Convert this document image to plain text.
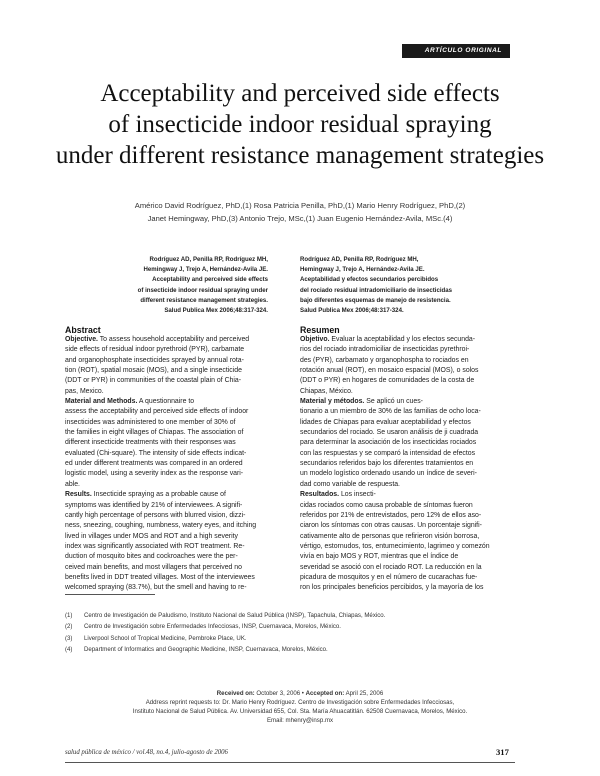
ARTÍCULO ORIGINAL
Acceptability and perceived side effects
of insecticide indoor residual spraying
under different resistance management strategies
Américo David Rodríguez, PhD,(1) Rosa Patricia Penilla, PhD,(1) Mario Henry Rodríguez, PhD,(2)
Janet Hemingway, PhD,(3) Antonio Trejo, MSc,(1) Juan Eugenio Hernández-Avila, MSc.(4)
Rodríguez AD, Penilla RP, Rodríguez MH,
Hemingway J, Trejo A, Hernández-Avila JE.
Acceptability and perceived side effects
of insecticide indoor residual spraying under
different resistance management strategies.
Salud Publica Mex 2006;48:317-324.
Rodríguez AD, Penilla RP, Rodríguez MH,
Hemingway J, Trejo A, Hernández-Avila JE.
Aceptabilidad y efectos secundarios percibidos
del rociado residual intradomiciliario de insecticidas
bajo diferentes esquemas de manejo de resistencia.
Salud Publica Mex 2006;48:317-324.
Abstract	Resumen
Objective. To assess household acceptability and perceived
side effects of residual indoor pyrethroid (PYR), carbamate
and organophosphate insecticides sprayed by annual rota-
tion (ROT), spatial mosaic (MOS), and a single insecticide
(DDT or PYR) in communities of the coastal plain of Chia-
pas, Mexico.
Material and Methods. A questionnaire to
assess the acceptability and perceived side effects of indoor
insecticides was administered to one member of 30% of
the families in eight villages of Chiapas. The association of
different insecticide treatments with their responses was
evaluated (Chi-square). The intensity of side effects indicat-
ed under different treatments was compared in an ordered
logistic model, using a severity index as the response vari-
able.
Results. Insecticide spraying as a probable cause of
symptoms was identified by 21% of interviewees. A signifi-
cantly high percentage of persons with blurred vision, dizzi-
ness, sneezing, coughing, numbness, watery eyes, and itching
lived in villages under MOS and ROT and a high severity
index was significantly associated with ROT treatment. Re-
duction of mosquito bites and cockroaches were the per-
ceived main benefits, and most villagers that perceived no
benefits lived in DDT treated villages. Most of the interviewees
welcomed spraying (83.7%), but the smell and having to re-
Objetivo. Evaluar la aceptabilidad y los efectos secunda-
rios del rociado intradomiciliar de insecticidas pyrethroi-
des (PYR), carbamato y organophospha to rociados en
rotación anual (ROT), en mosaico espacial (MOS), o solos
(DDT o PYR) en hogares de comunidades de la costa de
Chiapas, México.
Material y métodos. Se aplicó un cues-
tionario a un miembro de 30% de las familias de ocho loca-
lidades de Chiapas para evaluar aceptabilidad y efectos
secundarios del rociado. Se usaron análisis de ji cuadrada
para determinar la asociación de los insecticidas rociados
con las respuestas y se comparó la intensidad de efectos
secundarios referidos bajo los diferentes tratamientos en
un modelo logístico ordenado usando un índice de severi-
dad como variable de respuesta.
Resultados. Los insecti-
cidas rociados como causa probable de síntomas fueron
referidos por 21% de entrevistados, pero 12% de ellos aso-
ciaron los síntomas con otras causas. Un porcentaje signifi-
cativamente alto de personas que refirieron visión borrosa,
vértigo, estornudos, tos, entumecimiento, lagrimeo y comezón
vivía en bajo MOS y ROT, mientras que el índice de
severidad se asoció con el rociado ROT. La reducción en la
picadura de mosquitos y en el número de cucarachas fue-
ron los principales beneficios percibidos, y la mayoría de los
(1) Centro de Investigación de Paludismo, Instituto Nacional de Salud Pública (INSP), Tapachula, Chiapas, México.
(2) Centro de Investigación sobre Enfermedades Infecciosas, INSP, Cuernavaca, Morelos, México.
(3) Liverpool School of Tropical Medicine, Pembroke Place, UK.
(4) Department of Informatics and Geographic Medicine, INSP, Cuernavaca, Morelos, México.
Received on: October 3, 2006 • Accepted on: April 25, 2006
Address reprint requests to: Dr. Mario Henry Rodríguez. Centro de Investigación sobre Enfermedades Infecciosas,
Instituto Nacional de Salud Pública. Av. Universidad 655, Col. Sta. María Ahuacatitlán. 62508 Cuernavaca, Morelos, México.
Email: mhenry@insp.mx
salud pública de méxico / vol.48, no.4, julio-agosto de 2006	317
